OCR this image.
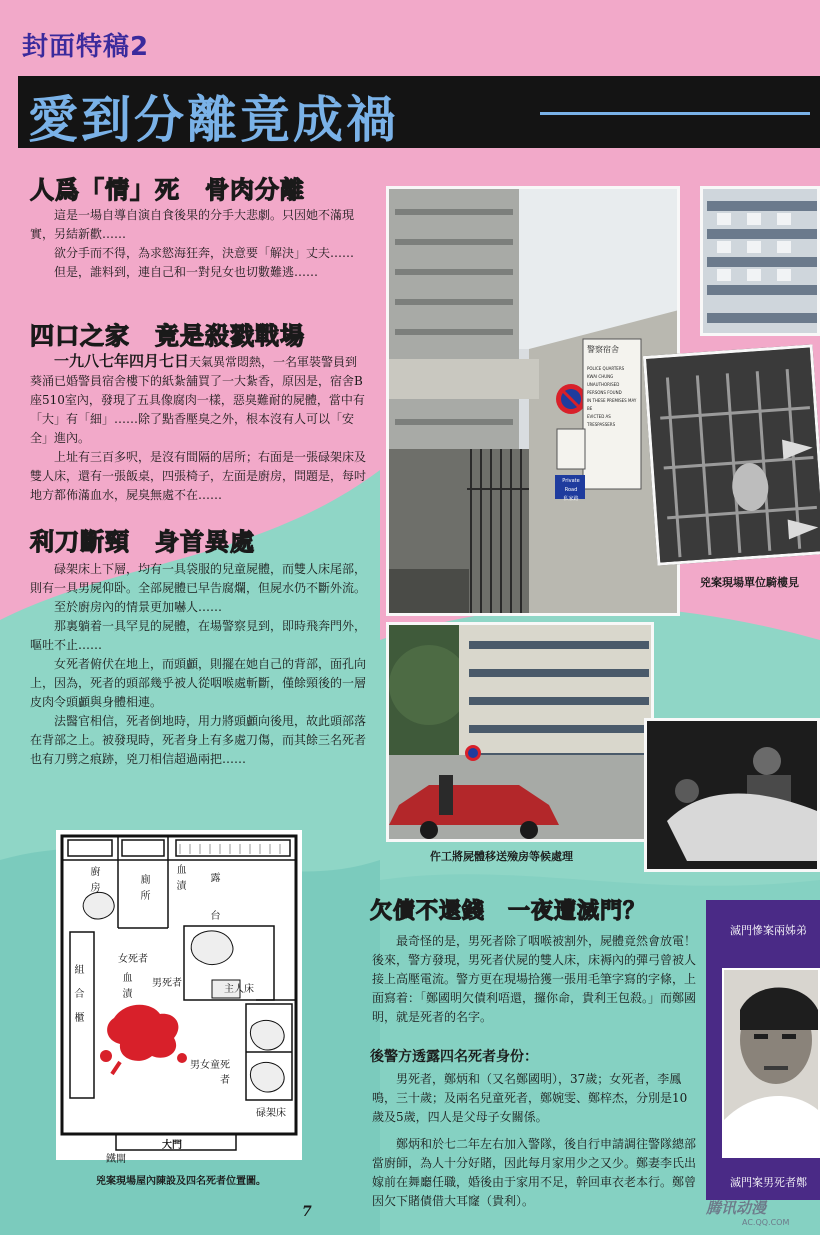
封面特稿2
愛到分離竟成禍
人爲「情」死　骨肉分離

這是一場自導自演自食後果的分手大悲劇。只因她不滿現實，另結新歡……

欲分手而不得，為求慾海狂奔，決意要「解決」丈夫……

但是，誰料到，連自己和一對兒女也切數難逃……

四口之家　竟是殺戮戰場

一九八七年四月七日天氣異常悶熱，一名軍裝警員到葵涌已婚警員宿舍樓下的紙紮舖買了一大紮香，原因是，宿舍B座510室內，發現了五具像腐肉一樣，惡臭難耐的屍體，當中有「大」有「細」……除了點香壓臭之外，根本沒有人可以「安全」進內。

上址有三百多呎，是沒有間隔的居所；右面是一張碌架床及雙人床，還有一張飯桌，四張椅子，左面是廚房，問題是，每吋地方都佈滿血水，屍臭無處不在……

利刀斷頸　身首異處

碌架床上下層，均有一具袋服的兒童屍體，而雙人床尾部，則有一具男屍仰卧。全部屍體已早告腐爛，但屍水仍不斷外流。

至於廚房內的情景更加嚇人……

那裏躺着一具罕見的屍體，在場警察見到，即時飛奔門外，嘔吐不止……

女死者俯伏在地上，而頭顱，則擺在她自己的背部，面孔向上，因為，死者的頭部幾乎被人從咽喉處斬斷，僅餘頸後的一層皮肉令頭顱與身體相連。

法醫官相信，死者倒地時，用力將頭顱向後甩，故此頭部落在背部之上。被發現時，死者身上有多處刀傷，而其餘三名死者也有刀劈之痕跡，兇刀相信超過兩把……

警察宿舍
POLICE QUARTERS
KWAI CHUNG
UNAUTHORISED PERSONS FOUND
IN THESE PREMISES MAY BE
EVICTED AS TRESPASSERS
Private Road
私家路
兇案現場單位騎樓見
仵工將屍體移送殮房等候處理
欠債不還錢　一夜遭滅門？

最奇怪的是，男死者除了咽喉被割外，屍體竟然會放電！後來，警方發現，男死者伏屍的雙人床，床褥內的彈弓曾被人接上高壓電流。警方更在現場拾獲一張用毛筆字寫的字條，上面寫着：「鄭國明欠債利唔還，攞你命，貴利王包殺。」而鄭國明，就是死者的名字。

後警方透露四名死者身份：

男死者，鄭炳和（又名鄭國明），37歲；女死者，李鳳鳴，三十歲；及兩名兒童死者，鄭婉雯、鄭梓杰，分別是10歲及5歲，四人是父母子女關係。

鄭炳和於七二年左右加入警隊，後自行申請調往警隊總部當廚師，為人十分好賭，因此每月家用少之又少。鄭妻李氏出嫁前在舞廳任職，婚後由于家用不足，幹回車衣老本行。鄭曾因欠下賭債借大耳窿（貴利）。

滅門慘案兩姊弟
滅門案男死者鄭
廚房	廁所	血漬 露台
女死者
男死者
血漬	主人床
組合櫃
男女童死者
碌架床
大門
鐵閘
兇案現場屋內陳設及四名死者位置圖。
7	腾讯动漫
AC.QQ.COM
